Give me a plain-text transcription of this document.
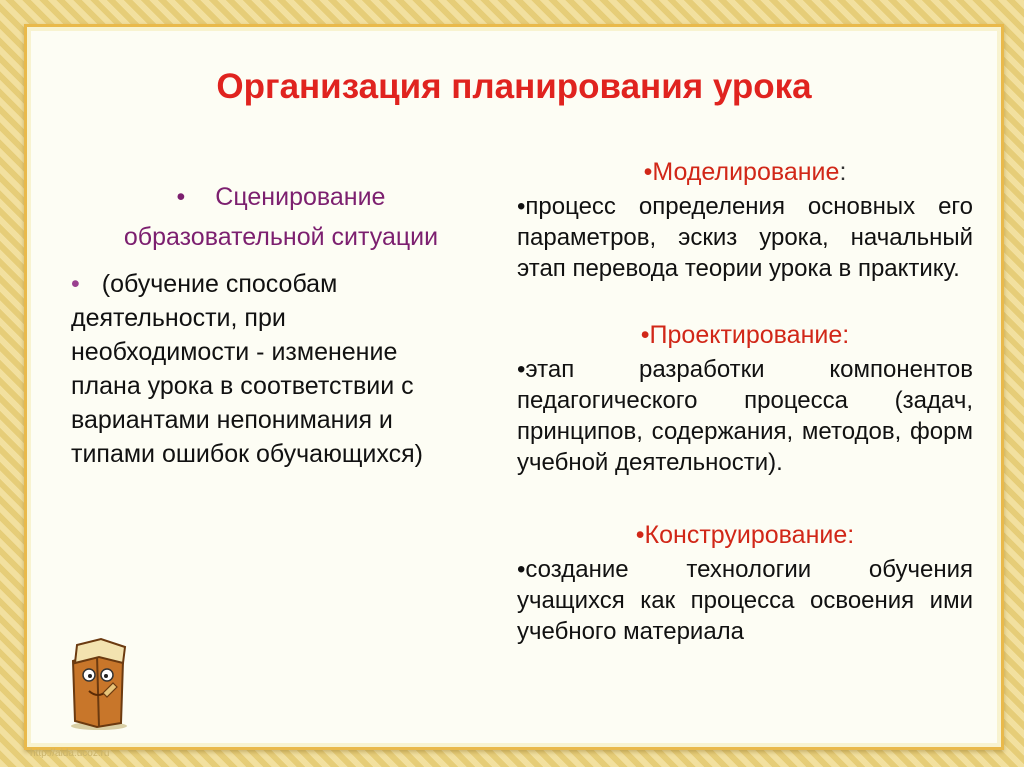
Организация планирования урока
• Сценирование
образовательной ситуации
• (обучение способам
деятельности, при
необходимости - изменение
плана урока в соответствии с
вариантами непонимания и
типами ошибок обучающихся)
•Моделирование:
•процесс определения основных его параметров, эскиз урока, начальный этап перевода теории урока в практику.
•Проектирование:
•этап разработки компонентов педагогического процесса (задач, принципов, содержания, методов, форм учебной деятельности).
•Конструирование:
•создание технологии обучения учащихся как процесса освоения ими учебного материала
http://aida.ucoz.ru
